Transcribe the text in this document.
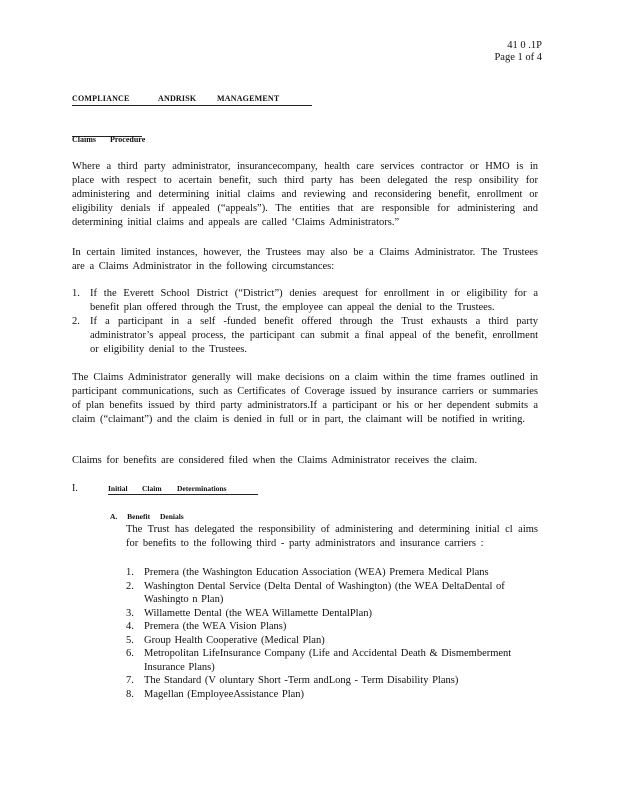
41 0 .1P
Page 1 of 4
COMPLIANCE	ANDRISK	MANAGEMENT
Claims Procedure

Where a third party administrator, insurancecompany, health care services contractor or HMO is in place with respect to acertain benefit, such third party has been delegated the resp onsibility for administering and determining initial claims and reviewing and reconsidering benefit, enrollment or eligibility denials if appealed (“appeals”). The entities that are responsible for administering and determining initial claims and appeals are called ‘Claims Administrators.”

In certain limited instances, however, the Trustees may also be a Claims Administrator. The Trustees are a Claims Administrator in the following circumstances:

1. If the Everett School District (“District”) denies arequest for enrollment in or eligibility for a benefit plan offered through the Trust, the employee can appeal the denial to the Trustees.
2. If a participant in a self -funded benefit offered through the Trust exhausts a third party administrator’s appeal process, the participant can submit a final appeal of the benefit, enrollment or eligibility denial to the Trustees.

The Claims Administrator generally will make decisions on a claim within the time frames outlined in participant communications, such as Certificates of Coverage issued by insurance carriers or summaries of plan benefits issued by third party administrators.If a participant or his or her dependent submits a claim (“claimant”) and the claim is denied in full or in part, the claimant will be notified in writing.

Claims for benefits are considered filed when the Claims Administrator receives the claim.

I.	Initial Claim Determinations
A. Benefit Denials

The Trust has delegated the responsibility of administering and determining initial cl aims for benefits to the following third - party administrators and insurance carriers :

1. Premera (the Washington Education Association (WEA) Premera Medical Plans
2. Washington Dental Service (Delta Dental of Washington) (the WEA DeltaDental of Washingto n Plan)
3. Willamette Dental (the WEA Willamette DentalPlan)
4. Premera (the WEA Vision Plans)
5. Group Health Cooperative (Medical Plan)
6. Metropolitan LifeInsurance Company (Life and Accidental Death & Dismemberment Insurance Plans)
7. The Standard (V oluntary Short -Term andLong - Term Disability Plans)
8. Magellan (EmployeeAssistance Plan)
